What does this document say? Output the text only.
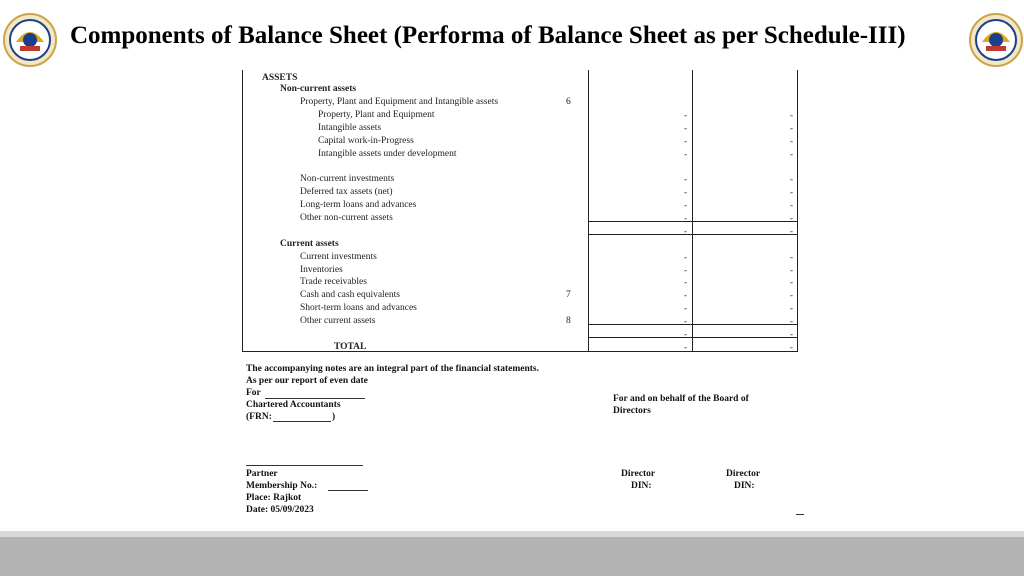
Components of Balance Sheet (Performa of Balance Sheet as per Schedule-III)
ASSETS
Non-current assets
Property, Plant and Equipment and Intangible assets	6
Property, Plant and Equipment	-	-
Intangible assets	-	-
Capital work-in-Progress	-	-
Intangible assets under development	-	-
Non-current investments	-	-
Deferred tax assets (net)	-	-
Long-term loans and advances	-	-
Other non-current assets	-	-
-	-
Current assets
Current investments	-	-
Inventories	-	-
Trade receivables	-	-
Cash and cash equivalents	7	-	-
Short-term loans and advances	-	-
Other current assets	8	-	-
-	-
TOTAL	-	-
The accompanying notes are an integral part of the financial statements.
As per our report of even date
For
Chartered Accountants
(FRN:	)
For and on behalf of the Board of
Directors
Partner
Membership No.:
Place: Rajkot
Date: 05/09/2023
Director
DIN:
Director
DIN:
